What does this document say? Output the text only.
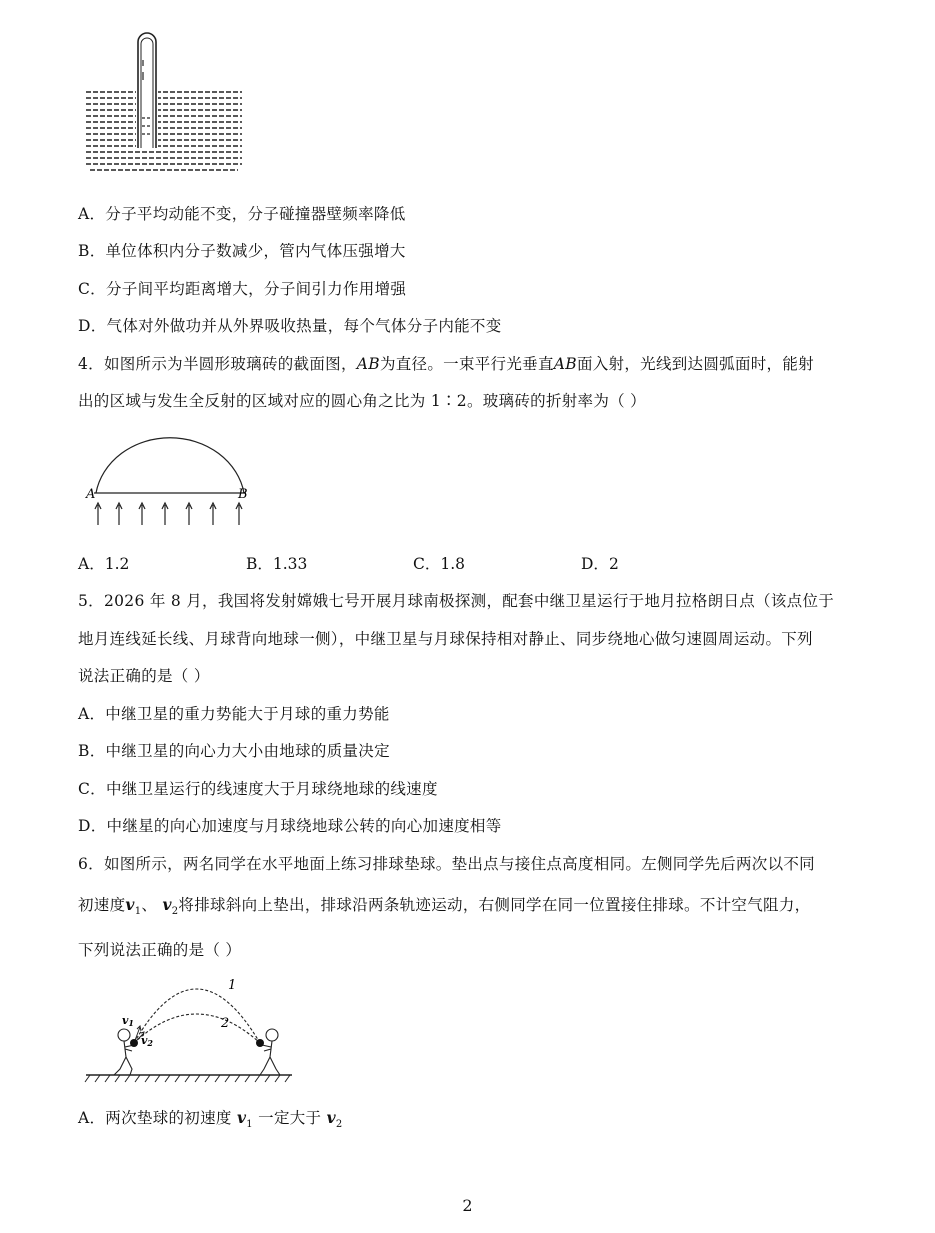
A．分子平均动能不变，分子碰撞器壁频率降低
B．单位体积内分子数减少，管内气体压强增大
C．分子间平均距离增大，分子间引力作用增强
D．气体对外做功并从外界吸收热量，每个气体分子内能不变
4．如图所示为半圆形玻璃砖的截面图，AB为直径。一束平行光垂直AB面入射，光线到达圆弧面时，能射
出的区域与发生全反射的区域对应的圆心角之比为 1∶2。玻璃砖的折射率为（ ）
A	B
A．1.2	B．1.33	C．1.8	D．2
5．2026 年 8 月，我国将发射嫦娥七号开展月球南极探测，配套中继卫星运行于地月拉格朗日点（该点位于
地月连线延长线、月球背向地球一侧），中继卫星与月球保持相对静止、同步绕地心做匀速圆周运动。下列
说法正确的是（ ）
A．中继卫星的重力势能大于月球的重力势能
B．中继卫星的向心力大小由地球的质量决定
C．中继卫星运行的线速度大于月球绕地球的线速度
D．中继星的向心加速度与月球绕地球公转的向心加速度相等
6．如图所示，两名同学在水平地面上练习排球垫球。垫出点与接住点高度相同。左侧同学先后两次以不同
初速度$v_1$、 $v_2$将排球斜向上垫出，排球沿两条轨迹运动，右侧同学在同一位置接住排球。不计空气阻力，
下列说法正确的是（ ）
1
2
v1
v2
A．两次垫球的初速度 $v_1$ 一定大于 $v_2$
2
